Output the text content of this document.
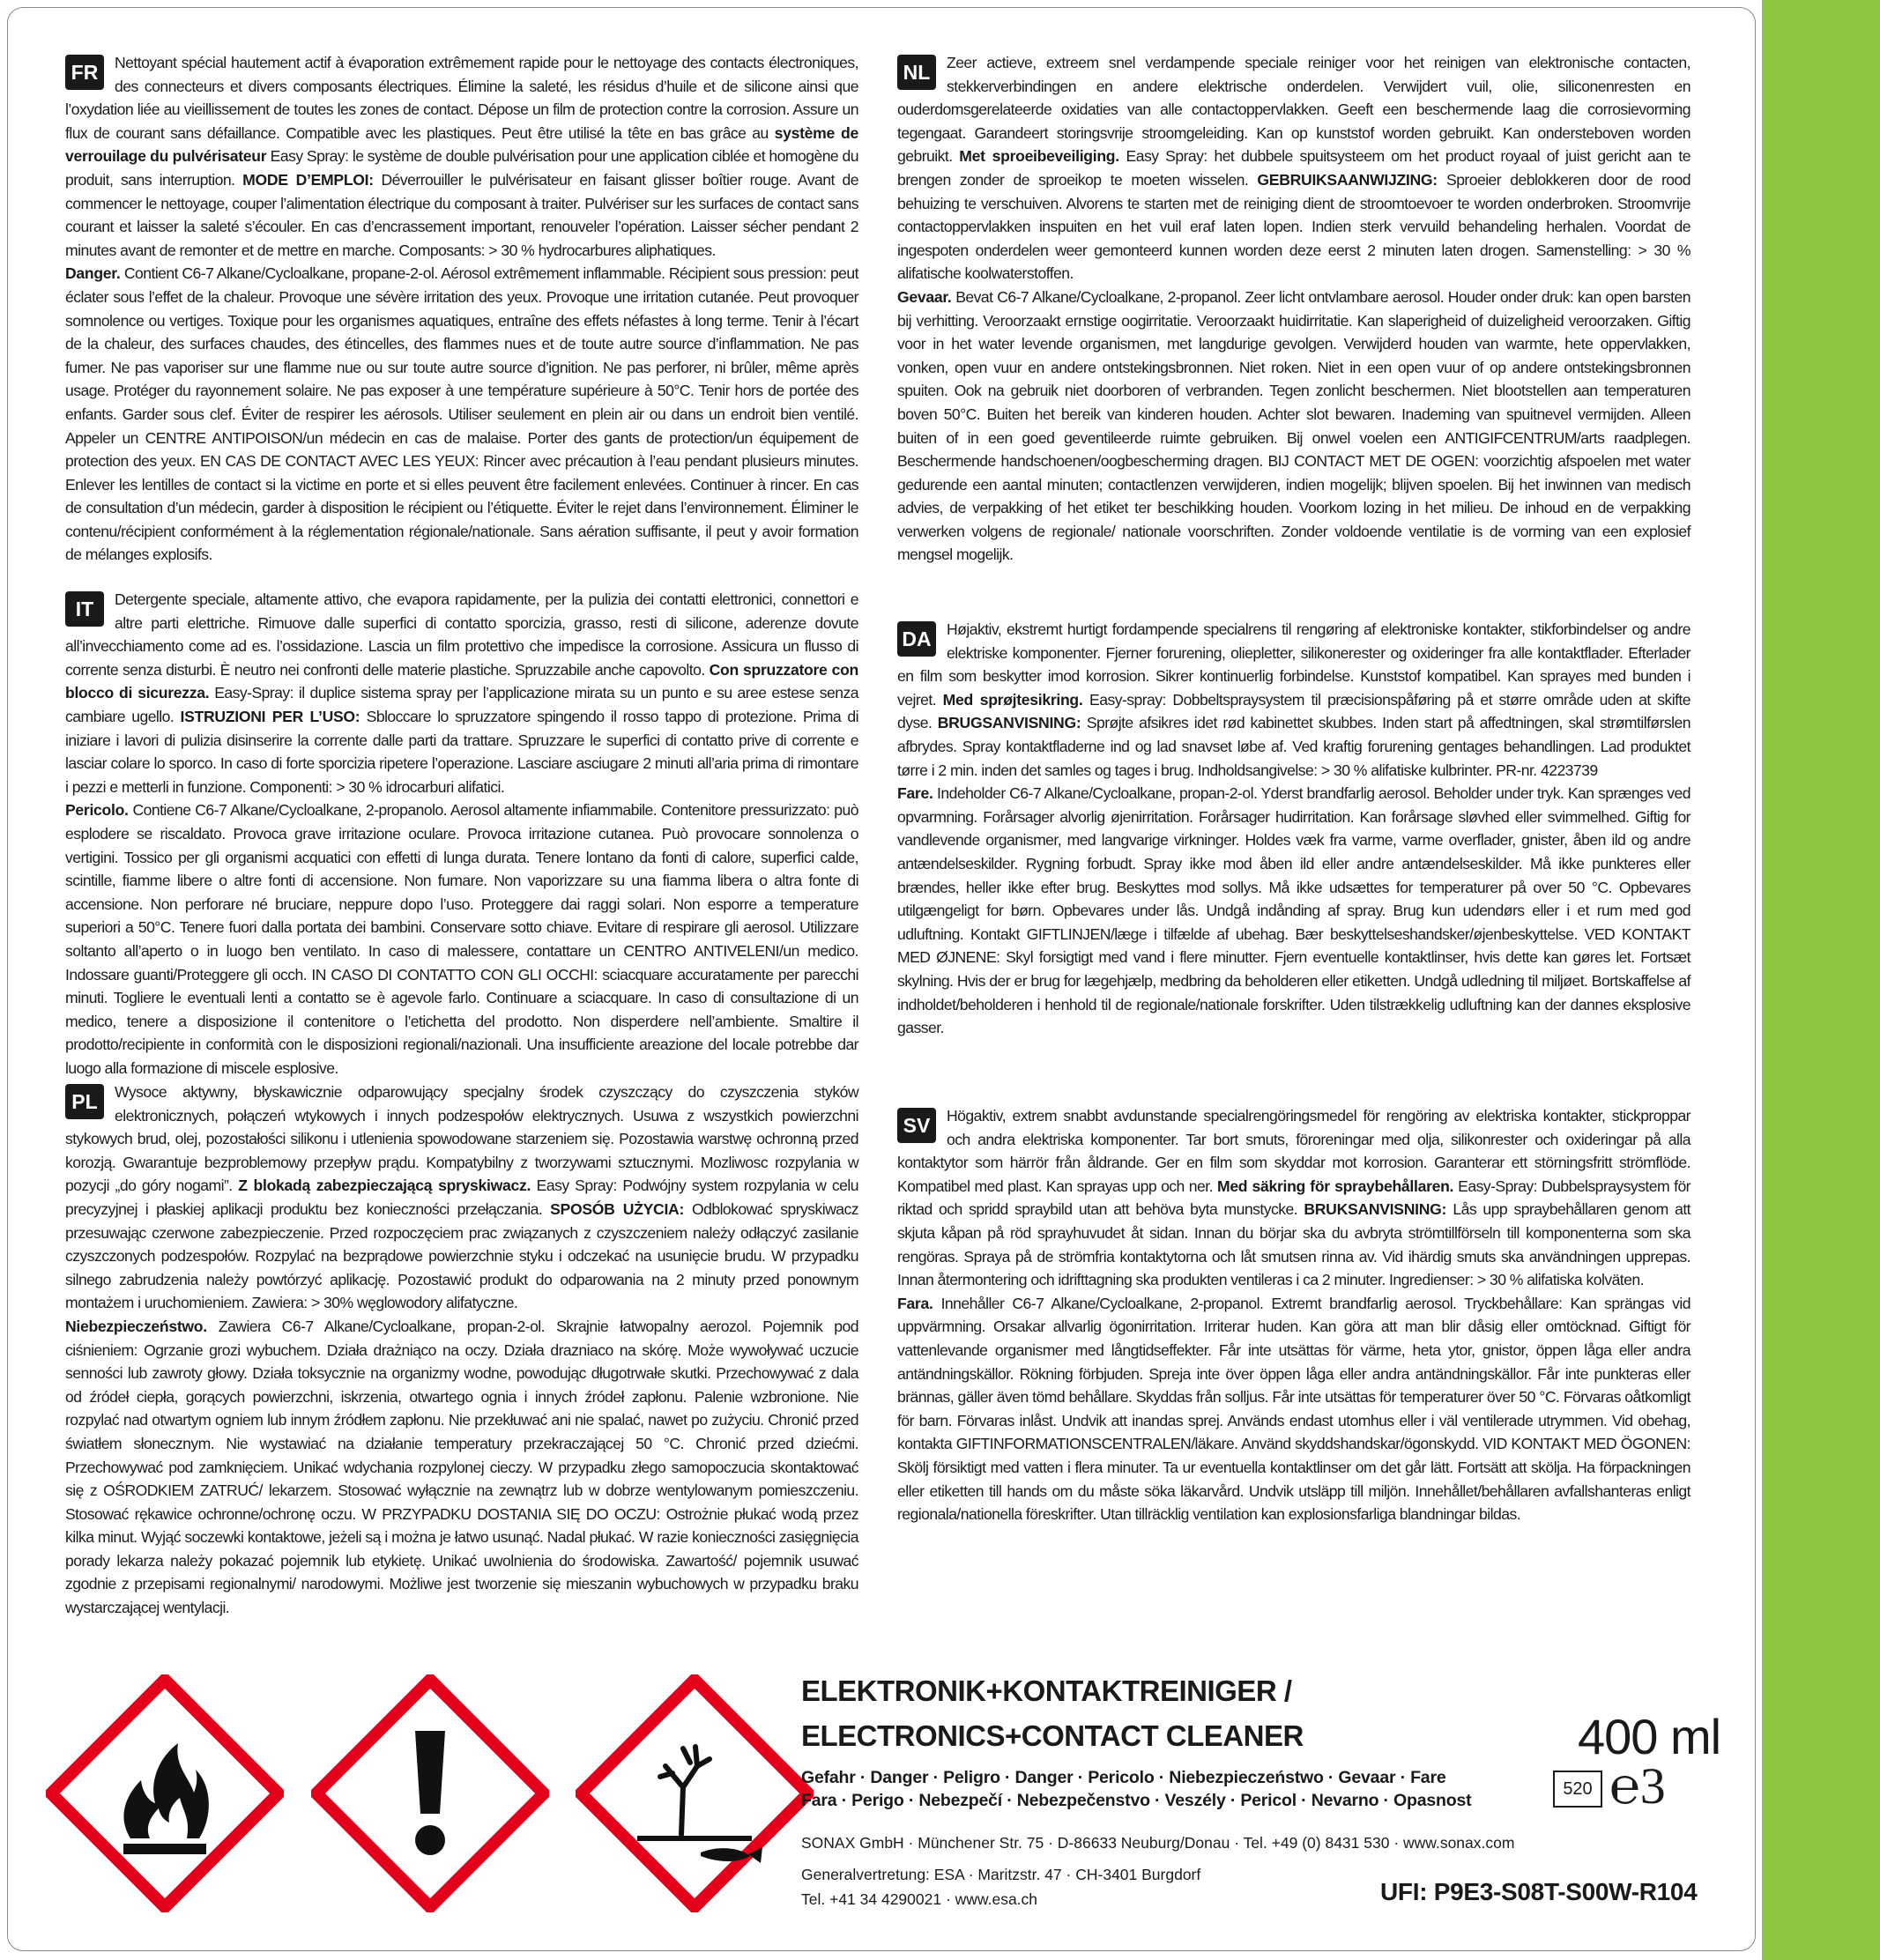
FR	Nettoyant spécial hautement actif à évaporation extrêmement rapide pour le nettoyage des contacts électroniques, des connecteurs et divers composants électriques. Élimine la saleté, les résidus d’huile et de silicone ainsi que l’oxydation liée au vieillissement de toutes les zones de contact. Dépose un film de protection contre la corrosion. Assure un flux de courant sans défaillance. Compatible avec les plastiques. Peut être utilisé la tête en bas grâce au système de verrouilage du pulvérisateur Easy Spray: le système de double pulvérisation pour une application ciblée et homogène du produit, sans interruption. MODE D’EMPLOI: Déverrouiller le pulvérisateur en faisant glisser boîtier rouge. Avant de commencer le nettoyage, couper l’alimentation électrique du composant à traiter. Pulvériser sur les surfaces de contact sans courant et laisser la saleté s’écouler. En cas d’encrassement important, renouveler l’opération. Laisser sécher pendant 2 minutes avant de remonter et de mettre en marche. Composants: > 30 % hydrocarbures aliphatiques.

Danger. Contient C6-7 Alkane/Cycloalkane, propane-2-ol. Aérosol extrêmement inflammable. Récipient sous pression: peut éclater sous l’effet de la chaleur. Provoque une sévère irritation des yeux. Provoque une irritation cutanée. Peut provoquer somnolence ou vertiges. Toxique pour les organismes aquatiques, entraîne des effets néfastes à long terme. Tenir à l’écart de la chaleur, des surfaces chaudes, des étincelles, des flammes nues et de toute autre source d’inflammation. Ne pas fumer. Ne pas vaporiser sur une flamme nue ou sur toute autre source d’ignition. Ne pas perforer, ni brûler, même après usage. Protéger du rayonnement solaire. Ne pas exposer à une température supérieure à 50°C. Tenir hors de portée des enfants. Garder sous clef. Éviter de respirer les aérosols. Utiliser seulement en plein air ou dans un endroit bien ventilé. Appeler un CENTRE ANTIPOISON/un médecin en cas de malaise. Porter des gants de protection/un équipement de protection des yeux. EN CAS DE CONTACT AVEC LES YEUX: Rincer avec précaution à l’eau pendant plusieurs minutes. Enlever les lentilles de contact si la victime en porte et si elles peuvent être facilement enlevées. Continuer à rincer. En cas de consultation d’un médecin, garder à disposition le récipient ou l’étiquette. Éviter le rejet dans l’environnement. Éliminer le contenu/récipient conformément à la réglementation régionale/nationale. Sans aération suffisante, il peut y avoir formation de mélanges explosifs.

IT	Detergente speciale, altamente attivo, che evapora rapidamente, per la pulizia dei contatti elettronici, connettori e altre parti elettriche. Rimuove dalle superfici di contatto sporcizia, grasso, resti di silicone, aderenze dovute all’invecchiamento come ad es. l’ossidazione. Lascia un film protettivo che impedisce la corrosione. Assicura un flusso di corrente senza disturbi. È neutro nei confronti delle materie plastiche. Spruzzabile anche capovolto. Con spruzzatore con blocco di sicurezza. Easy-Spray: il duplice sistema spray per l’applicazione mirata su un punto e su aree estese senza cambiare ugello. ISTRUZIONI PER L’USO: Sbloccare lo spruzzatore spingendo il rosso tappo di protezione. Prima di iniziare i lavori di pulizia disinserire la corrente dalle parti da trattare. Spruzzare le superfici di contatto prive di corrente e lasciar colare lo sporco. In caso di forte sporcizia ripetere l’operazione. Lasciare asciugare 2 minuti all’aria prima di rimontare i pezzi e metterli in funzione. Componenti: > 30 % idrocarburi alifatici.

Pericolo. Contiene C6-7 Alkane/Cycloalkane, 2-propanolo. Aerosol altamente infiammabile. Contenitore pressurizzato: può esplodere se riscaldato. Provoca grave irritazione oculare. Provoca irritazione cutanea. Può provocare sonnolenza o vertigini. Tossico per gli organismi acquatici con effetti di lunga durata. Tenere lontano da fonti di calore, superfici calde, scintille, fiamme libere o altre fonti di accensione. Non fumare. Non vaporizzare su una fiamma libera o altra fonte di accensione. Non perforare né bruciare, neppure dopo l’uso. Proteggere dai raggi solari. Non esporre a temperature superiori a 50°C. Tenere fuori dalla portata dei bambini. Conservare sotto chiave. Evitare di respirare gli aerosol. Utilizzare soltanto all’aperto o in luogo ben ventilato. In caso di malessere, contattare un CENTRO ANTIVELENI/un medico. Indossare guanti/Proteggere gli occh. IN CASO DI CONTATTO CON GLI OCCHI: sciacquare accuratamente per parecchi minuti. Togliere le eventuali lenti a contatto se è agevole farlo. Continuare a sciacquare. In caso di consultazione di un medico, tenere a disposizione il contenitore o l’etichetta del prodotto. Non disperdere nell’ambiente. Smaltire il prodotto/recipiente in conformità con le disposizioni regionali/nazionali. Una insufficiente areazione del locale potrebbe dar luogo alla formazione di miscele esplosive.

PL	Wysoce aktywny, błyskawicznie odparowujący specjalny środek czyszczący do czyszczenia styków elektronicznych, połączeń wtykowych i innych podzespołów elektrycznych. Usuwa z wszystkich powierzchni stykowych brud, olej, pozostałości silikonu i utlenienia spowodowane starzeniem się. Pozostawia warstwę ochronną przed korozją. Gwarantuje bezproblemowy przepływ prądu. Kompatybilny z tworzywami sztucznymi. Mozliwosc rozpylania w pozycji „do góry nogami”. Z blokadą zabezpieczającą spryskiwacz. Easy Spray: Podwójny system rozpylania w celu precyzyjnej i płaskiej aplikacji produktu bez konieczności przełączania. SPOSÓB UŻYCIA: Odblokować spryskiwacz przesuwając czerwone zabezpieczenie. Przed rozpoczęciem prac związanych z czyszczeniem należy odłączyć zasilanie czyszczonych podzespołów. Rozpylać na bezprądowe powierzchnie styku i odczekać na usunięcie brudu. W przypadku silnego zabrudzenia należy powtórzyć aplikację. Pozostawić produkt do odparowania na 2 minuty przed ponownym montażem i uruchomieniem. Zawiera: > 30% węglowodory alifatyczne.

Niebezpieczeństwo. Zawiera C6-7 Alkane/Cycloalkane, propan-2-ol. Skrajnie łatwopalny aerozol. Pojemnik pod ciśnieniem: Ogrzanie grozi wybuchem. Działa drażniąco na oczy. Działa drazniaco na skórę. Może wywoływać uczucie senności lub zawroty głowy. Działa toksycznie na organizmy wodne, powodując długotrwałe skutki. Przechowywać z dala od źródeł ciepła, gorących powierzchni, iskrzenia, otwartego ognia i innych źródeł zapłonu. Palenie wzbronione. Nie rozpylać nad otwartym ogniem lub innym źródłem zapłonu. Nie przekłuwać ani nie spalać, nawet po zużyciu. Chronić przed światłem słonecznym. Nie wystawiać na działanie temperatury przekraczającej 50 °C. Chronić przed dziećmi. Przechowywać pod zamknięciem. Unikać wdychania rozpylonej cieczy. W przypadku złego samopoczucia skontaktować się z OŚRODKIEM ZATRUĆ/ lekarzem. Stosować wyłącznie na zewnątrz lub w dobrze wentylowanym pomieszczeniu. Stosować rękawice ochronne/ochronę oczu. W PRZYPADKU DOSTANIA SIĘ DO OCZU: Ostrożnie płukać wodą przez kilka minut. Wyjąć soczewki kontaktowe, jeżeli są i można je łatwo usunąć. Nadal płukać. W razie konieczności zasięgnięcia porady lekarza należy pokazać pojemnik lub etykietę. Unikać uwolnienia do środowiska. Zawartość/ pojemnik usuwać zgodnie z przepisami regionalnymi/ narodowymi. Możliwe jest tworzenie się mieszanin wybuchowych w przypadku braku wystarczającej wentylacji.

NL	Zeer actieve, extreem snel verdampende speciale reiniger voor het reinigen van elektronische contacten, stekkerverbindingen en andere elektrische onderdelen. Verwijdert vuil, olie, siliconenresten en ouderdomsgerelateerde oxidaties van alle contactoppervlakken. Geeft een beschermende laag die corrosievorming tegengaat. Garandeert storingsvrije stroomgeleiding. Kan op kunststof worden gebruikt. Kan ondersteboven worden gebruikt. Met sproeibeveiliging. Easy Spray: het dubbele spuitsysteem om het product royaal of juist gericht aan te brengen zonder de sproeikop te moeten wisselen. GEBRUIKSAANWIJZING: Sproeier deblokkeren door de rood behuizing te verschuiven. Alvorens te starten met de reiniging dient de stroomtoevoer te worden onderbroken. Stroomvrije contactoppervlakken inspuiten en het vuil eraf laten lopen. Indien sterk vervuild behandeling herhalen. Voordat de ingespoten onderdelen weer gemonteerd kunnen worden deze eerst 2 minuten laten drogen. Samenstelling: > 30 % alifatische koolwaterstoffen.

Gevaar. Bevat C6-7 Alkane/Cycloalkane, 2-propanol. Zeer licht ontvlambare aerosol. Houder onder druk: kan open barsten bij verhitting. Veroorzaakt ernstige oogirritatie. Veroorzaakt huidirritatie. Kan slaperigheid of duizeligheid veroorzaken. Giftig voor in het water levende organismen, met langdurige gevolgen. Verwijderd houden van warmte, hete oppervlakken, vonken, open vuur en andere ontstekingsbronnen. Niet roken. Niet in een open vuur of op andere ontstekingsbronnen spuiten. Ook na gebruik niet doorboren of verbranden. Tegen zonlicht beschermen. Niet blootstellen aan temperaturen boven 50°C. Buiten het bereik van kinderen houden. Achter slot bewaren. Inademing van spuitnevel vermijden. Alleen buiten of in een goed geventileerde ruimte gebruiken. Bij onwel voelen een ANTIGIFCENTRUM/arts raadplegen. Beschermende handschoenen/oogbescherming dragen. BIJ CONTACT MET DE OGEN: voorzichtig afspoelen met water gedurende een aantal minuten; contactlenzen verwijderen, indien mogelijk; blijven spoelen. Bij het inwinnen van medisch advies, de verpakking of het etiket ter beschikking houden. Voorkom lozing in het milieu. De inhoud en de verpakking verwerken volgens de regionale/ nationale voorschriften. Zonder voldoende ventilatie is de vorming van een explosief mengsel mogelijk.

DA Højaktiv, ekstremt hurtigt fordampende specialrens til rengøring af elektroniske kontakter, stikforbindelser og andre elektriske komponenter. Fjerner forurening, oliepletter, silikonerester og oxideringer fra alle kontaktflader. Efterlader en film som beskytter imod korrosion. Sikrer kontinuerlig forbindelse. Kunststof kompatibel. Kan sprayes med bunden i vejret. Med sprøjtesikring. Easy-spray: Dobbeltspraysystem til præcisionspåføring på et større område uden at skifte dyse. BRUGSANVISNING: Sprøjte afsikres idet rød kabinettet skubbes. Inden start på affedtningen, skal strømtilførslen afbrydes. Spray kontaktfladerne ind og lad snavset løbe af. Ved kraftig forurening gentages behandlingen. Lad produktet tørre i 2 min. inden det samles og tages i brug. Indholdsangivelse: > 30 % alifatiske kulbrinter. PR-nr. 4223739

Fare. Indeholder C6-7 Alkane/Cycloalkane, propan-2-ol. Yderst brandfarlig aerosol. Beholder under tryk. Kan sprænges ved opvarmning. Forårsager alvorlig øjenirritation. Forårsager hudirritation. Kan forårsage sløvhed eller svimmelhed. Giftig for vandlevende organismer, med langvarige virkninger. Holdes væk fra varme, varme overflader, gnister, åben ild og andre antændelseskilder. Rygning forbudt. Spray ikke mod åben ild eller andre antændelseskilder. Må ikke punkteres eller brændes, heller ikke efter brug. Beskyttes mod sollys. Må ikke udsættes for temperaturer på over 50 °C. Opbevares utilgængeligt for børn. Opbevares under lås. Undgå indånding af spray. Brug kun udendørs eller i et rum med god udluftning. Kontakt GIFTLINJEN/læge i tilfælde af ubehag. Bær beskyttelseshandsker/øjenbeskyttelse. VED KONTAKT MED ØJNENE: Skyl forsigtigt med vand i flere minutter. Fjern eventuelle kontaktlinser, hvis dette kan gøres let. Fortsæt skylning. Hvis der er brug for lægehjælp, medbring da beholderen eller etiketten. Undgå udledning til miljøet. Bortskaffelse af indholdet/beholderen i henhold til de regionale/nationale forskrifter. Uden tilstrækkelig udluftning kan der dannes eksplosive gasser.

SV	Högaktiv, extrem snabbt avdunstande specialrengöringsmedel för rengöring av elektriska kontakter, stickproppar och andra elektriska komponenter. Tar bort smuts, föroreningar med olja, silikonrester och oxideringar på alla kontaktytor som härrör från åldrande. Ger en film som skyddar mot korrosion. Garanterar ett störningsfritt strömflöde. Kompatibel med plast. Kan sprayas upp och ner. Med säkring för spraybehållaren. Easy-Spray: Dubbelspraysystem för riktad och spridd spraybild utan att behöva byta munstycke. BRUKSANVISNING: Lås upp spraybehållaren genom att skjuta kåpan på röd sprayhuvudet åt sidan. Innan du börjar ska du avbryta strömtillförseln till komponenterna som ska rengöras. Spraya på de strömfria kontaktytorna och låt smutsen rinna av. Vid ihärdig smuts ska användningen upprepas. Innan återmontering och idrifttagning ska produkten ventileras i ca 2 minuter. Ingredienser: > 30 % alifatiska kolväten.

Fara. Innehåller C6-7 Alkane/Cycloalkane, 2-propanol. Extremt brandfarlig aerosol. Tryckbehållare: Kan sprängas vid uppvärmning. Orsakar allvarlig ögonirritation. Irriterar huden. Kan göra att man blir dåsig eller omtöcknad. Giftigt för vattenlevande organismer med långtidseffekter. Får inte utsättas för värme, heta ytor, gnistor, öppen låga eller andra antändningskällor. Rökning förbjuden. Spreja inte över öppen låga eller andra antändningskällor. Får inte punkteras eller brännas, gäller även tömd behållare. Skyddas från solljus. Får inte utsättas för temperaturer över 50 °C. Förvaras oåtkomligt för barn. Förvaras inlåst. Undvik att inandas sprej. Används endast utomhus eller i väl ventilerade utrymmen. Vid obehag, kontakta GIFTINFORMATIONSCENTRALEN/läkare. Använd skyddshandskar/ögonskydd. VID KONTAKT MED ÖGONEN: Skölj försiktigt med vatten i flera minuter. Ta ur eventuella kontaktlinser om det går lätt. Fortsätt att skölja. Ha förpackningen eller etiketten till hands om du måste söka läkarvård. Undvik utsläpp till miljön. Innehållet/behållaren avfallshanteras enligt regionala/nationella föreskrifter. Utan tillräcklig ventilation kan explosionsfarliga blandningar bildas.

ELEKTRONIK+KONTAKTREINIGER /
ELECTRONICS+CONTACT CLEANER
Gefahr · Danger · Peligro · Danger · Pericolo · Niebezpieczeństwo · Gevaar · Fare
Fara · Perigo · Nebezpečí · Nebezpečenstvo · Veszély · Pericol · Nevarno · Opasnost
400 ml
520 ℮3
SONAX GmbH · Münchener Str. 75 · D-86633 Neuburg/Donau · Tel. +49 (0) 8431 530 · www.sonax.com
Generalvertretung: ESA · Maritzstr. 47 · CH-3401 Burgdorf
Tel. +41 34 4290021 · www.esa.ch	UFI: P9E3-S08T-S00W-R104
